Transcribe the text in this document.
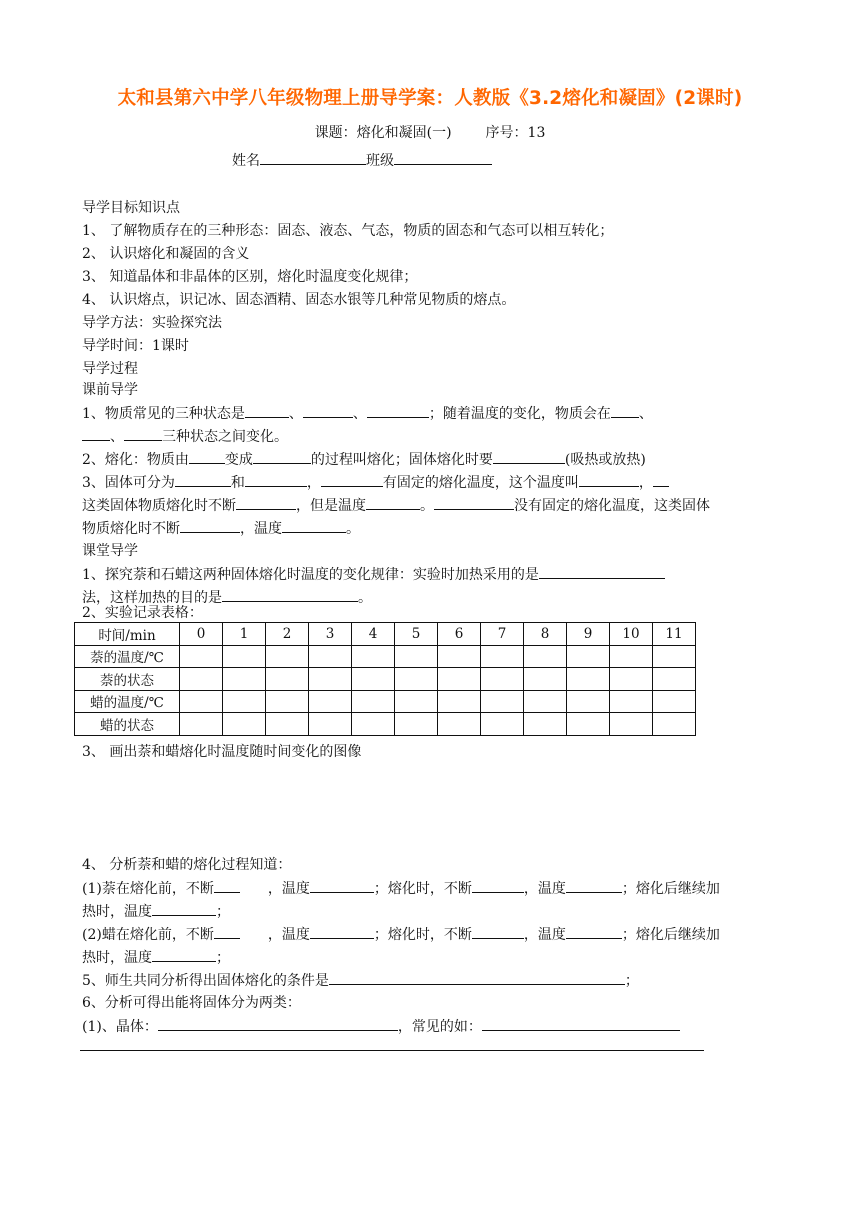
太和县第六中学八年级物理上册导学案：人教版《3.2熔化和凝固》(2课时)
课题：熔化和凝固(一) 序号：13
姓名	班级
导学目标知识点
1、 了解物质存在的三种形态：固态、液态、气态，物质的固态和气态可以相互转化；
2、 认识熔化和凝固的含义
3、 知道晶体和非晶体的区别，熔化时温度变化规律；
4、 认识熔点，识记冰、固态酒精、固态水银等几种常见物质的熔点。
导学方法：实验探究法
导学时间：1课时
导学过程
课前导学
1、物质常见的三种状态是	、	、	；随着温度的变化，物质会在 、
、	三种状态之间变化。
2、熔化：物质由	变成	的过程叫熔化；固体熔化时要	(吸热或放热)
3、固体可分为	和	，	有固定的熔化温度，这个温度叫	，
这类固体物质熔化时不断	，但是温度	。	没有固定的熔化温度，这类固体
物质熔化时不断	，温度	。
课堂导学
1、探究萘和石蜡这两种固体熔化时温度的变化规律：实验时加热采用的是
法，这样加热的目的是	。
2、实验记录表格：
时间/min	0	1	2	3	4	5	6	7	8	9	10	11
萘的温度/℃												
萘的状态												
蜡的温度/℃												
蜡的状态												
3、 画出萘和蜡熔化时温度随时间变化的图像
4、 分析萘和蜡的熔化过程知道：
(1)萘在熔化前，不断	，温度	；熔化时，不断	，温度	；熔化后继续加
热时，温度	；
(2)蜡在熔化前，不断	，温度	；熔化时，不断	，温度	；熔化后继续加
热时，温度	；
5、师生共同分析得出固体熔化的条件是	；
6、分析可得出能将固体分为两类：
(1)、晶体：	，常见的如：
